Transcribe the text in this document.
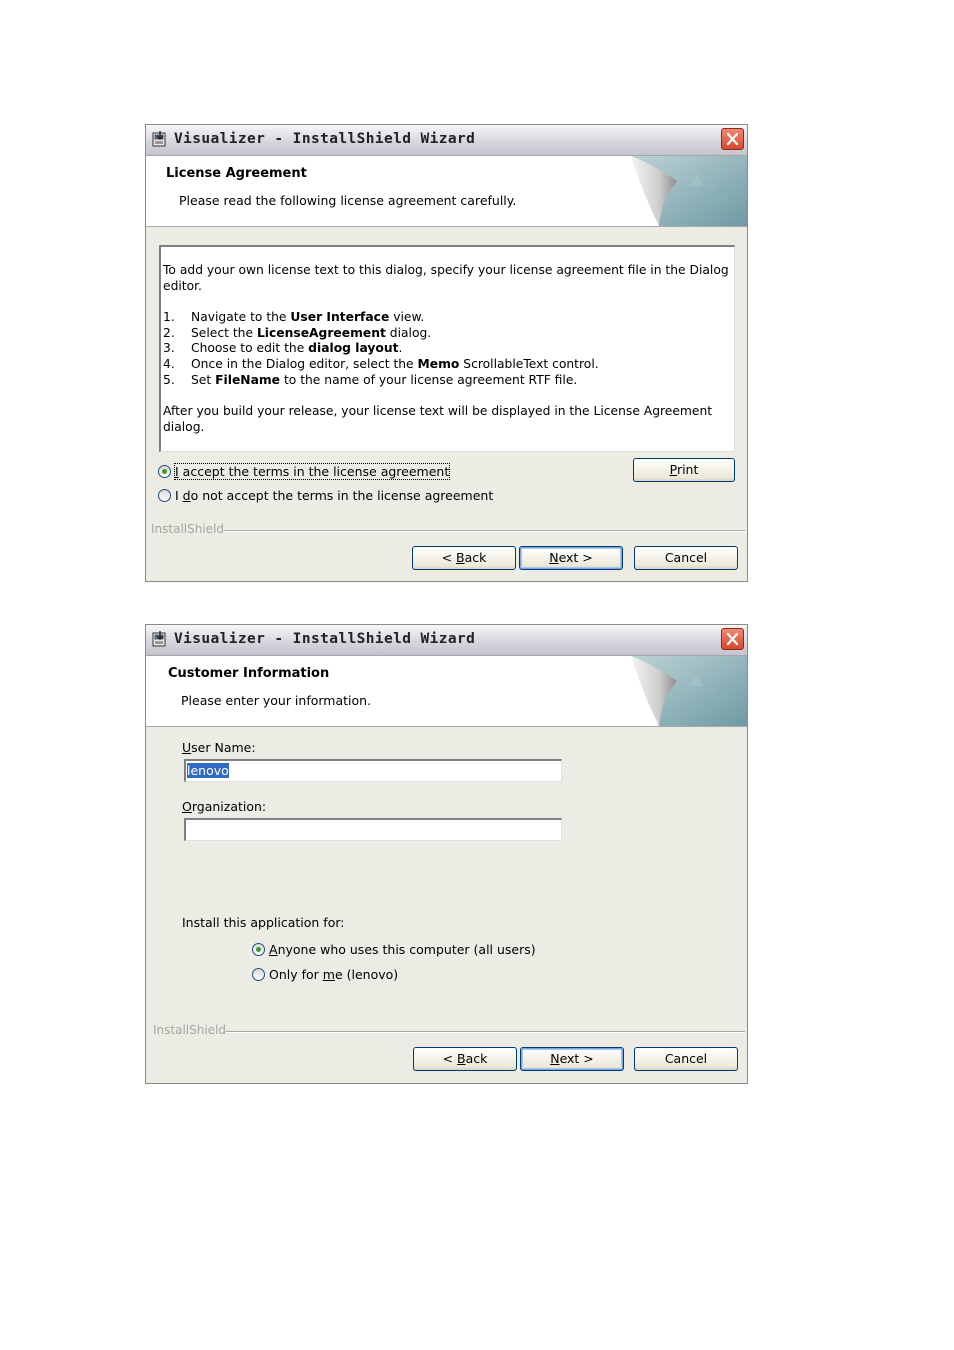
Visualizer - InstallShield Wizard
License Agreement
Please read the following license agreement carefully.

To add your own license text to this dialog, specify your license agreement file in the Dialog editor.

1.	Navigate to the User Interface view.
2.	Select the LicenseAgreement dialog.
3.	Choose to edit the dialog layout.
4.	Once in the Dialog editor, select the Memo ScrollableText control.
5.	Set FileName to the name of your license agreement RTF file.

After you build your release, your license text will be displayed in the License Agreement dialog.

I accept the terms in the license agreement
I do not accept the terms in the license agreement
Print
InstallShield
< Back	Next >	Cancel
Visualizer - InstallShield Wizard
Customer Information
Please enter your information.
User Name:
lenovo
Organization:
Install this application for:
Anyone who uses this computer (all users)
Only for me (lenovo)
InstallShield
< Back	Next >	Cancel
